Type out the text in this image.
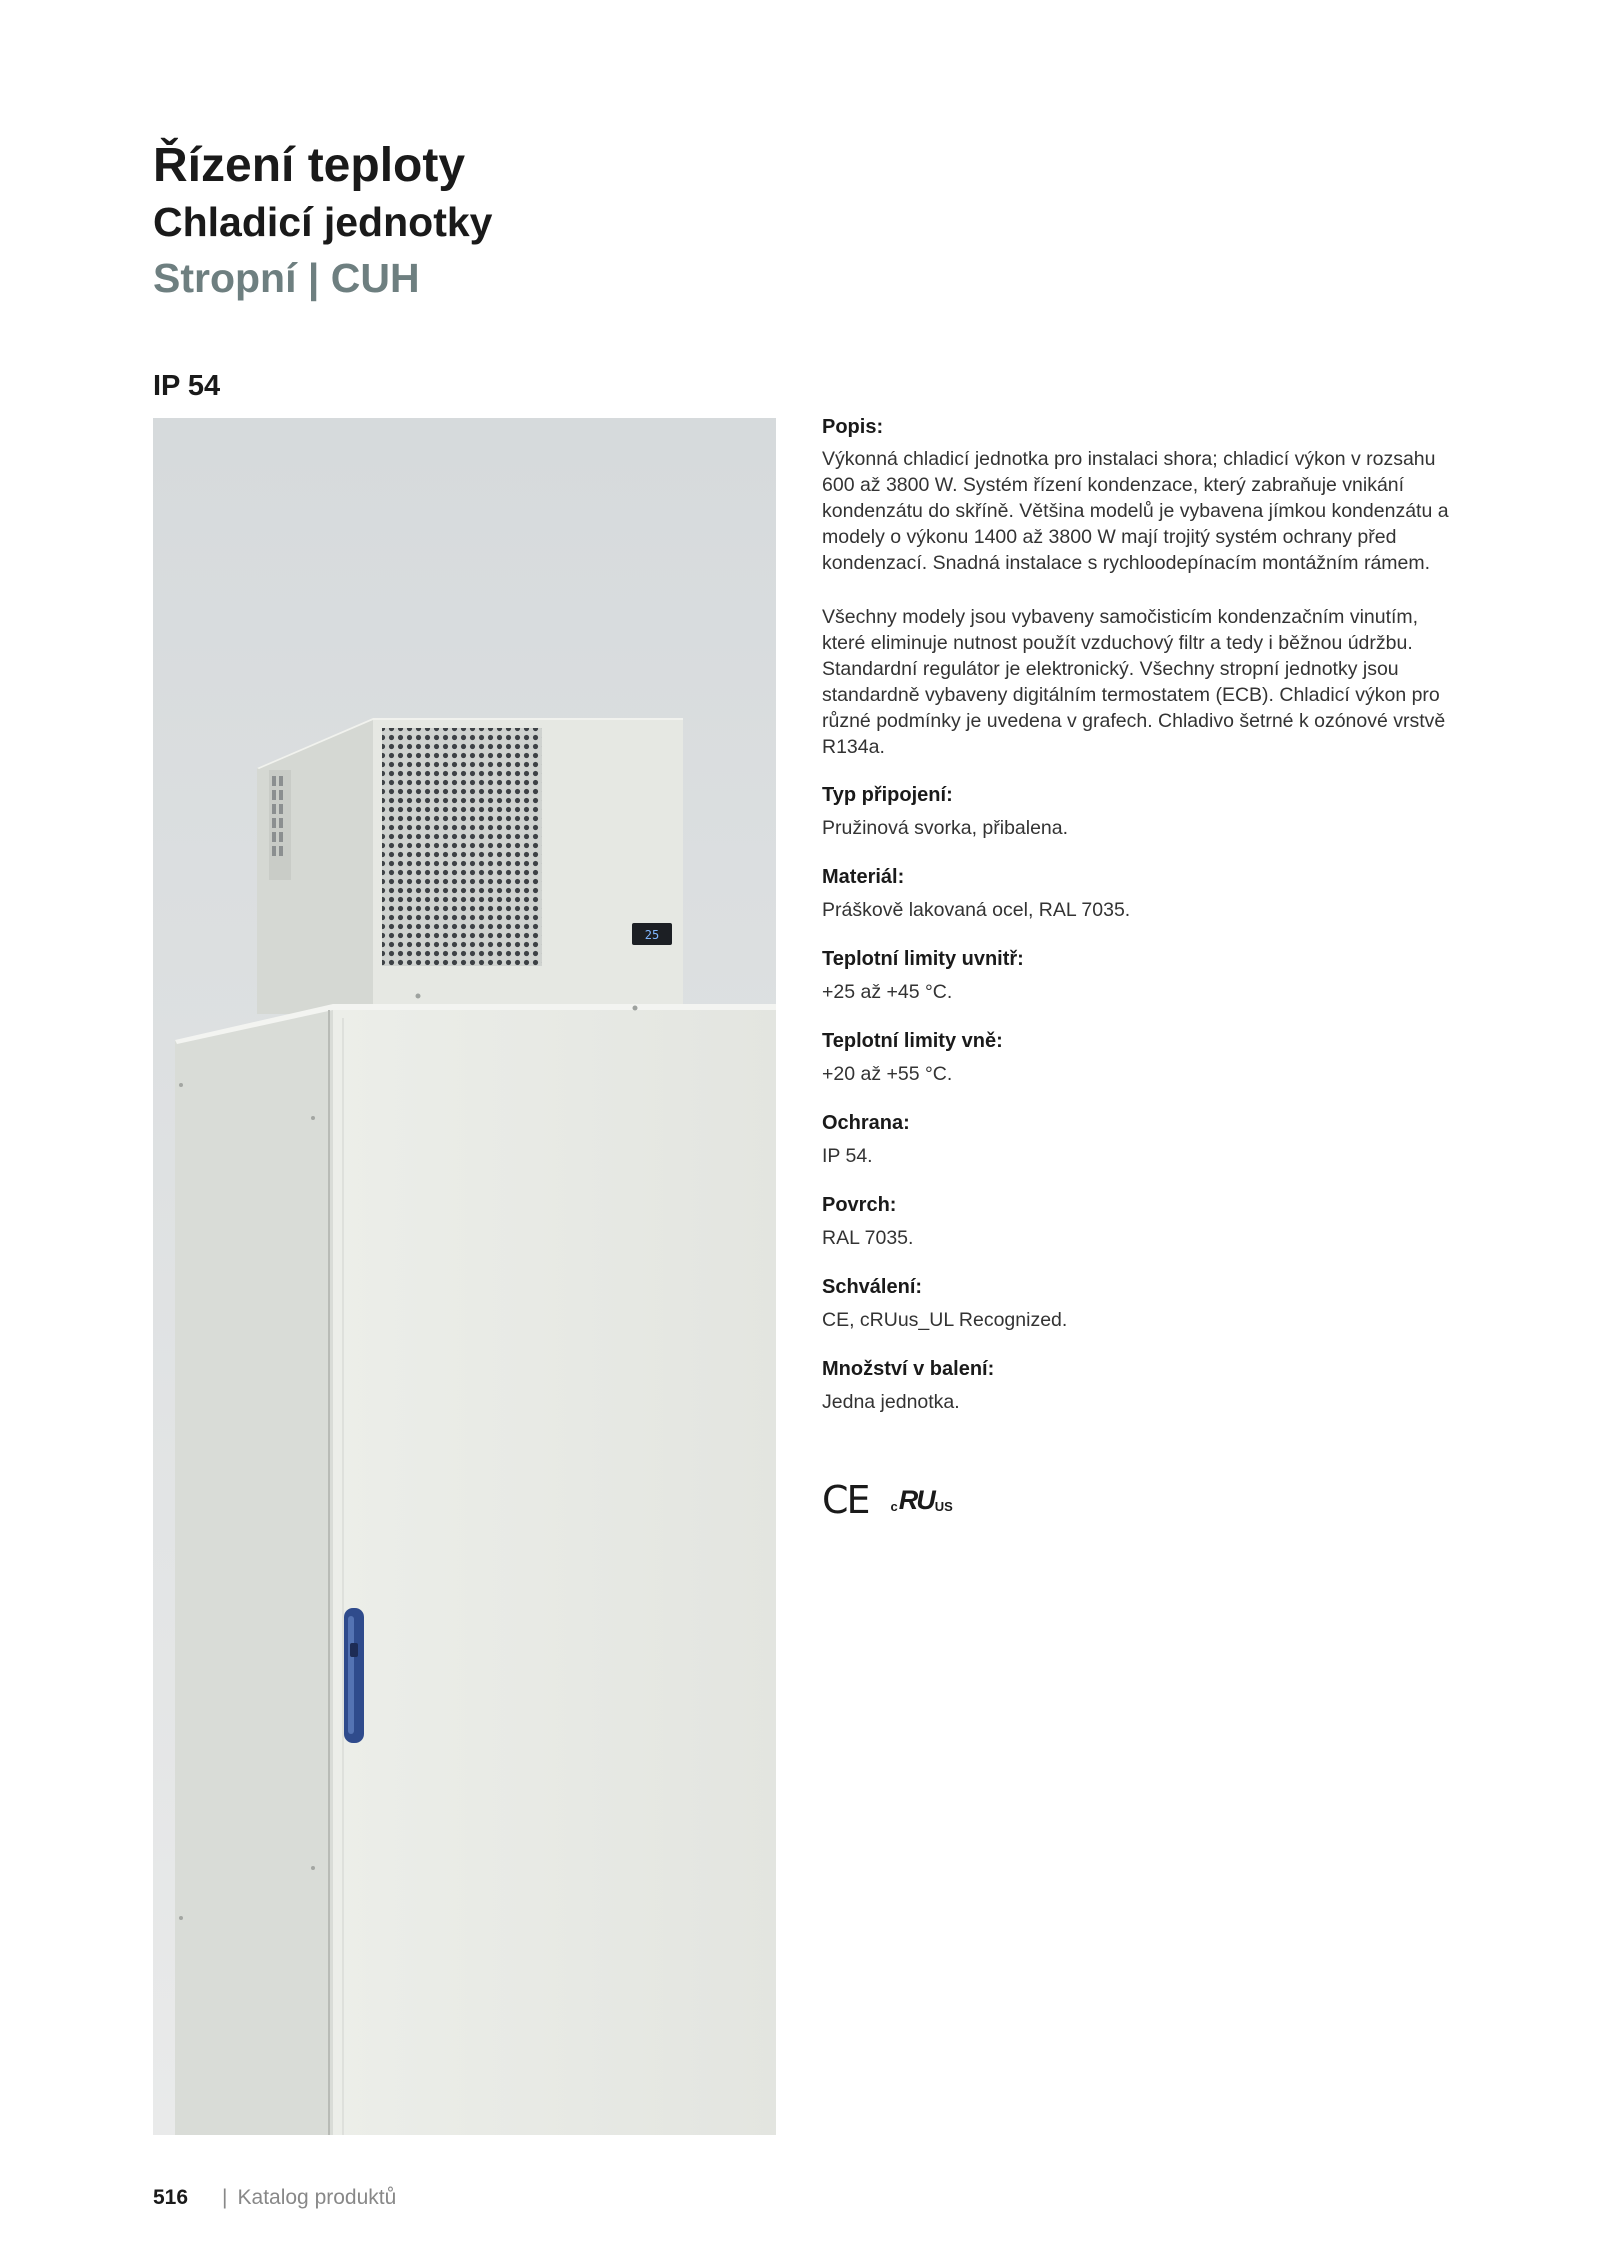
Řízení teploty
Chladicí jednotky
Stropní | CUH
IP 54
25
Popis:

Výkonná chladicí jednotka pro instalaci shora; chladicí výkon v rozsahu 600 až 3800 W. Systém řízení kondenzace, který zabraňuje vnikání kondenzátu do skříně. Většina modelů je vybavena jímkou kondenzátu a modely o výkonu 1400 až 3800 W mají trojitý systém ochrany před kondenzací. Snadná instalace s rychloodepínacím montážním rámem.

Všechny modely jsou vybaveny samočisticím kondenzačním vinutím, které eliminuje nutnost použít vzduchový filtr a tedy i běžnou údržbu. Standardní regulátor je elektronický. Všechny stropní jednotky jsou standardně vybaveny digitálním termostatem (ECB). Chladicí výkon pro různé podmínky je uvedena v grafech. Chladivo šetrné k ozónové vrstvě R134a.

Typ připojení:

Pružinová svorka, přibalena.

Materiál:

Práškově lakovaná ocel, RAL 7035.

Teplotní limity uvnitř:

+25 až +45 °C.

Teplotní limity vně:

+20 až +55 °C.

Ochrana:

IP 54.

Povrch:

RAL 7035.

Schválení:

CE, cRUus_UL Recognized.

Množství v balení:

Jedna jednotka.

CE c RU US
516 | Katalog produktů
